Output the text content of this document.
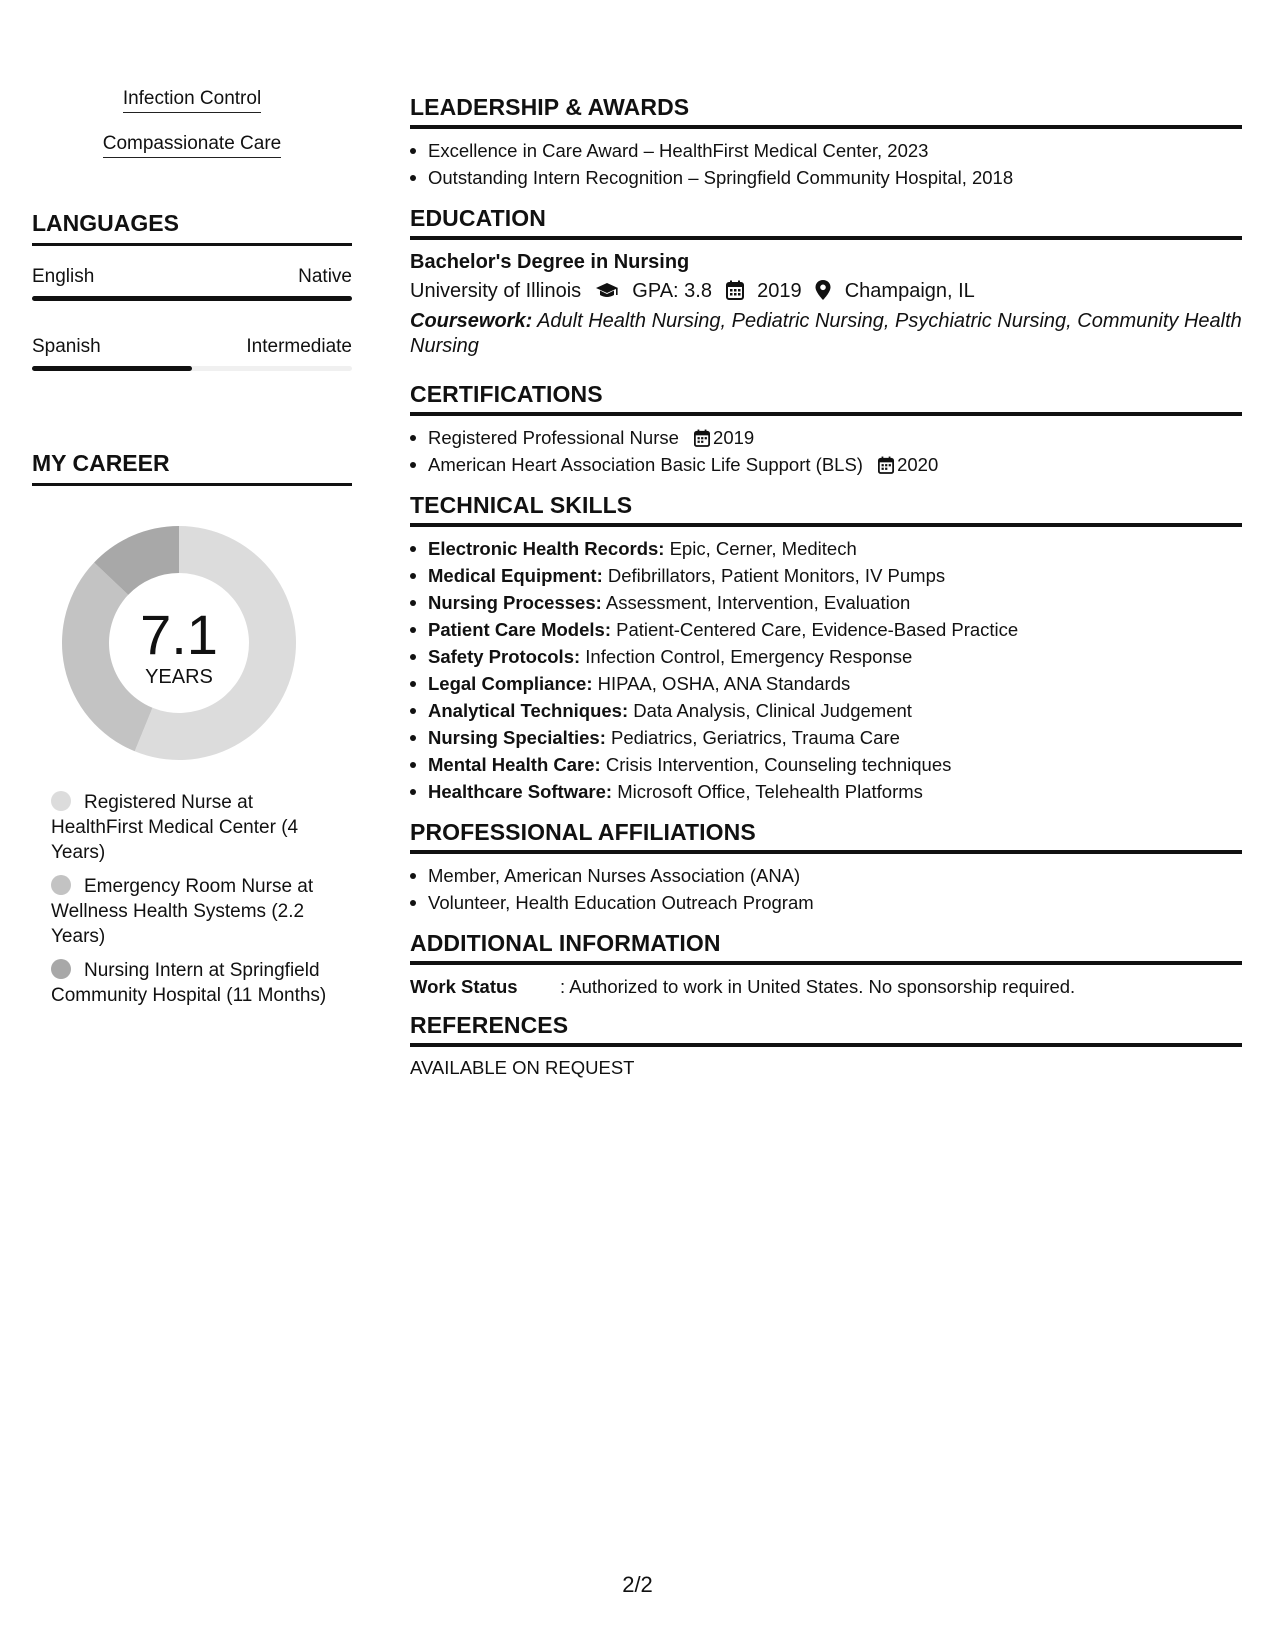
Infection Control
Compassionate Care
LANGUAGES
English	Native
Spanish	Intermediate
MY CAREER
7.1
YEARS
Registered Nurse at HealthFirst Medical Center (4 Years)
Emergency Room Nurse at Wellness Health Systems (2.2 Years)
Nursing Intern at Springfield Community Hospital (11 Months)
LEADERSHIP & AWARDS
Excellence in Care Award – HealthFirst Medical Center, 2023
Outstanding Intern Recognition – Springfield Community Hospital, 2018
EDUCATION
Bachelor's Degree in Nursing
University of Illinois	GPA: 3.8 2019 Champaign, IL
Coursework: Adult Health Nursing, Pediatric Nursing, Psychiatric Nursing, Community Health Nursing
CERTIFICATIONS
Registered Professional Nurse 2019
American Heart Association Basic Life Support (BLS) 2020
TECHNICAL SKILLS
Electronic Health Records: Epic, Cerner, Meditech
Medical Equipment: Defibrillators, Patient Monitors, IV Pumps
Nursing Processes: Assessment, Intervention, Evaluation
Patient Care Models: Patient-Centered Care, Evidence-Based Practice
Safety Protocols: Infection Control, Emergency Response
Legal Compliance: HIPAA, OSHA, ANA Standards
Analytical Techniques: Data Analysis, Clinical Judgement
Nursing Specialties: Pediatrics, Geriatrics, Trauma Care
Mental Health Care: Crisis Intervention, Counseling techniques
Healthcare Software: Microsoft Office, Telehealth Platforms
PROFESSIONAL AFFILIATIONS
Member, American Nurses Association (ANA)
Volunteer, Health Education Outreach Program
ADDITIONAL INFORMATION
Work Status : Authorized to work in United States. No sponsorship required.
REFERENCES
AVAILABLE ON REQUEST
2/2
